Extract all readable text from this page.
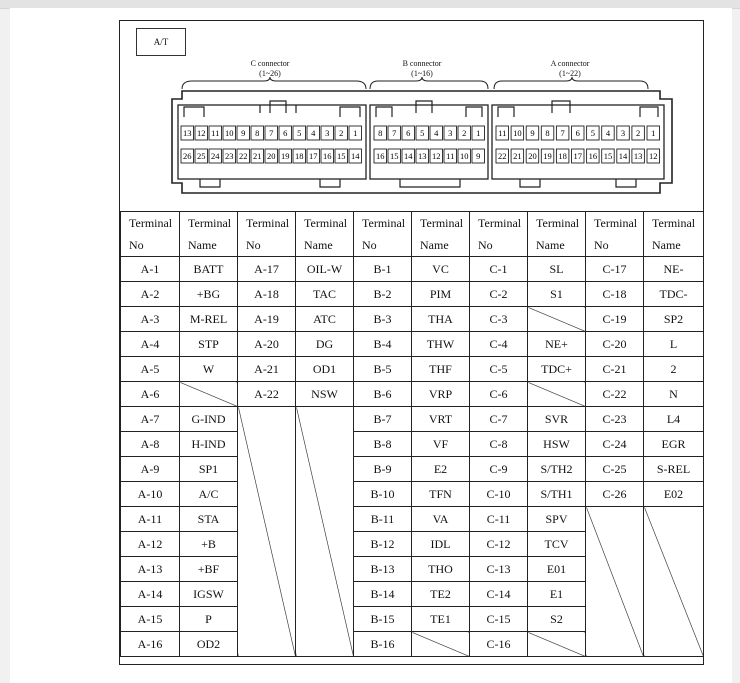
A/T
C connector
(1~26)
B connector
(1~16)
A connector
(1~22)
13 12 11 10 9 8 7 6 5 4 3 2 1
26 25 24 23 22 21 20 19 18 17 16 15 14
8 7 6 5 4 3 2 1
16 15 14 13 12 11 10 9
11 10 9 8 7 6 5 4 3 2 1
22 21 20 19 18 17 16 15 14 13 12
Terminal	Terminal	Terminal	Terminal	Terminal	Terminal	Terminal	Terminal	Terminal	Terminal
No	Name	No	Name	No	Name	No	Name	No	Name
A-1	BATT	A-17	OIL-W	B-1	VC	C-1	SL	C-17	NE-
A-2	+BG	A-18	TAC	B-2	PIM	C-2	S1	C-18	TDC-
A-3	M-REL	A-19	ATC	B-3	THA	C-3		C-19	SP2
A-4	STP	A-20	DG	B-4	THW	C-4	NE+	C-20	L
A-5	W	A-21	OD1	B-5	THF	C-5	TDC+	C-21	2
A-6		A-22	NSW	B-6	VRP	C-6		C-22	N
A-7	G-IND			B-7	VRT	C-7	SVR	C-23	L4
A-8	H-IND			B-8	VF	C-8	HSW	C-24	EGR
A-9	SP1			B-9	E2	C-9	S/TH2	C-25	S-REL
A-10	A/C			B-10	TFN	C-10	S/TH1	C-26	E02
A-11	STA			B-11	VA	C-11	SPV		
A-12	+B			B-12	IDL	C-12	TCV		
A-13	+BF			B-13	THO	C-13	E01		
A-14	IGSW			B-14	TE2	C-14	E1		
A-15	P			B-15	TE1	C-15	S2		
A-16	OD2			B-16		C-16			
